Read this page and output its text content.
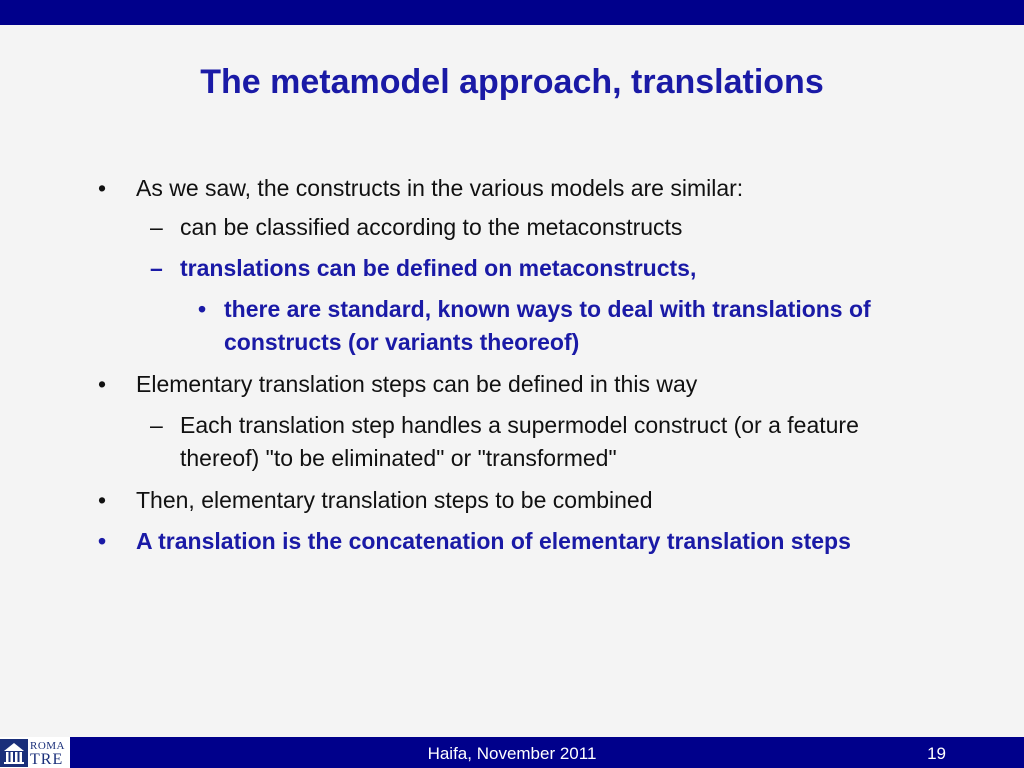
The metamodel approach, translations
• As we saw, the constructs in the various models are similar:
– can be classified according to the metaconstructs
– translations can be defined on metaconstructs,
• there are standard, known ways to deal with translations of constructs (or variants theoreof)
• Elementary translation steps can be defined in this way
– Each translation step handles a supermodel construct (or a feature thereof) "to be eliminated" or "transformed"
• Then, elementary translation steps to be combined
• A translation is the concatenation of elementary translation steps
ROMA
TRE	Haifa, November 2011	19
